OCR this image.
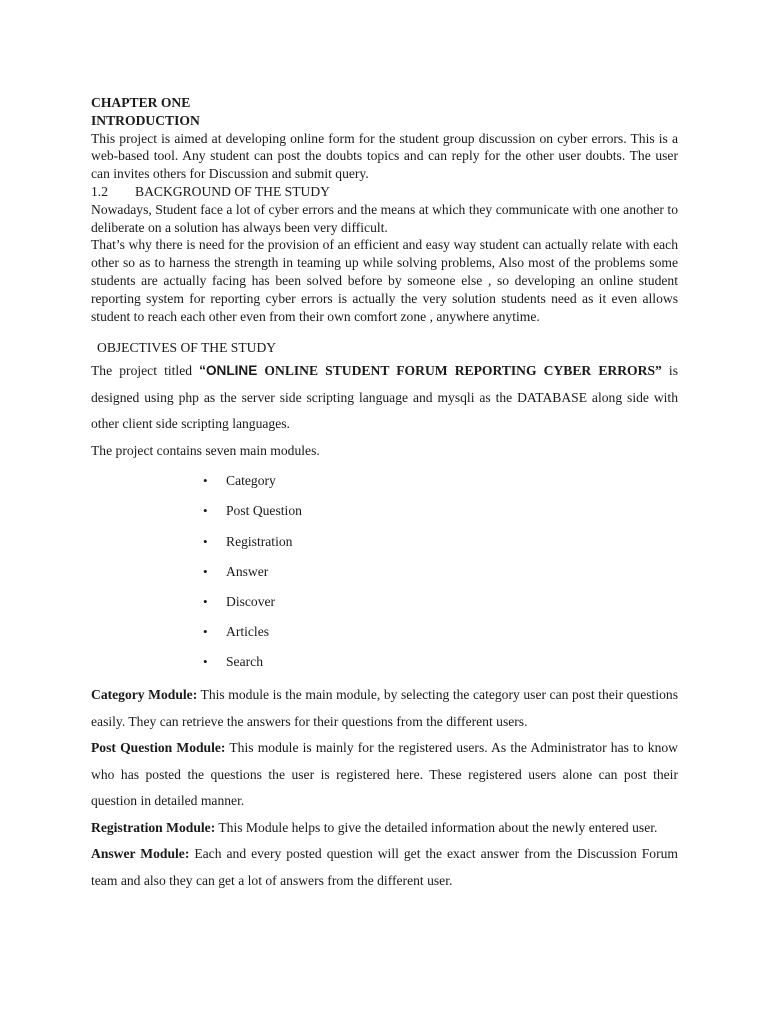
CHAPTER ONE

INTRODUCTION

This project is aimed at developing online form for the student group discussion on cyber errors. This is a web-based tool. Any student can post the doubts topics and can reply for the other user doubts. The user can invites others for Discussion and submit query.

1.2 BACKGROUND OF THE STUDY

Nowadays, Student face a lot of cyber errors and the means at which they communicate with one another to deliberate on a solution has always been very difficult.

That’s why there is need for the provision of an efficient and easy way student can actually relate with each other so as to harness the strength in teaming up while solving problems, Also most of the problems some students are actually facing has been solved before by someone else , so developing an online student reporting system for reporting cyber errors is actually the very solution students need as it even allows student to reach each other even from their own comfort zone , anywhere anytime.

OBJECTIVES OF THE STUDY

The project titled “ONLINE ONLINE STUDENT FORUM REPORTING CYBER ERRORS” is designed using php as the server side scripting language and mysqli as the DATABASE along side with other client side scripting languages.

The project contains seven main modules.

• Category
• Post Question
• Registration
• Answer
• Discover
• Articles
• Search

Category Module: This module is the main module, by selecting the category user can post their questions easily. They can retrieve the answers for their questions from the different users.

Post Question Module: This module is mainly for the registered users. As the Administrator has to know who has posted the questions the user is registered here. These registered users alone can post their question in detailed manner.

Registration Module: This Module helps to give the detailed information about the newly entered user.

Answer Module: Each and every posted question will get the exact answer from the Discussion Forum team and also they can get a lot of answers from the different user.
